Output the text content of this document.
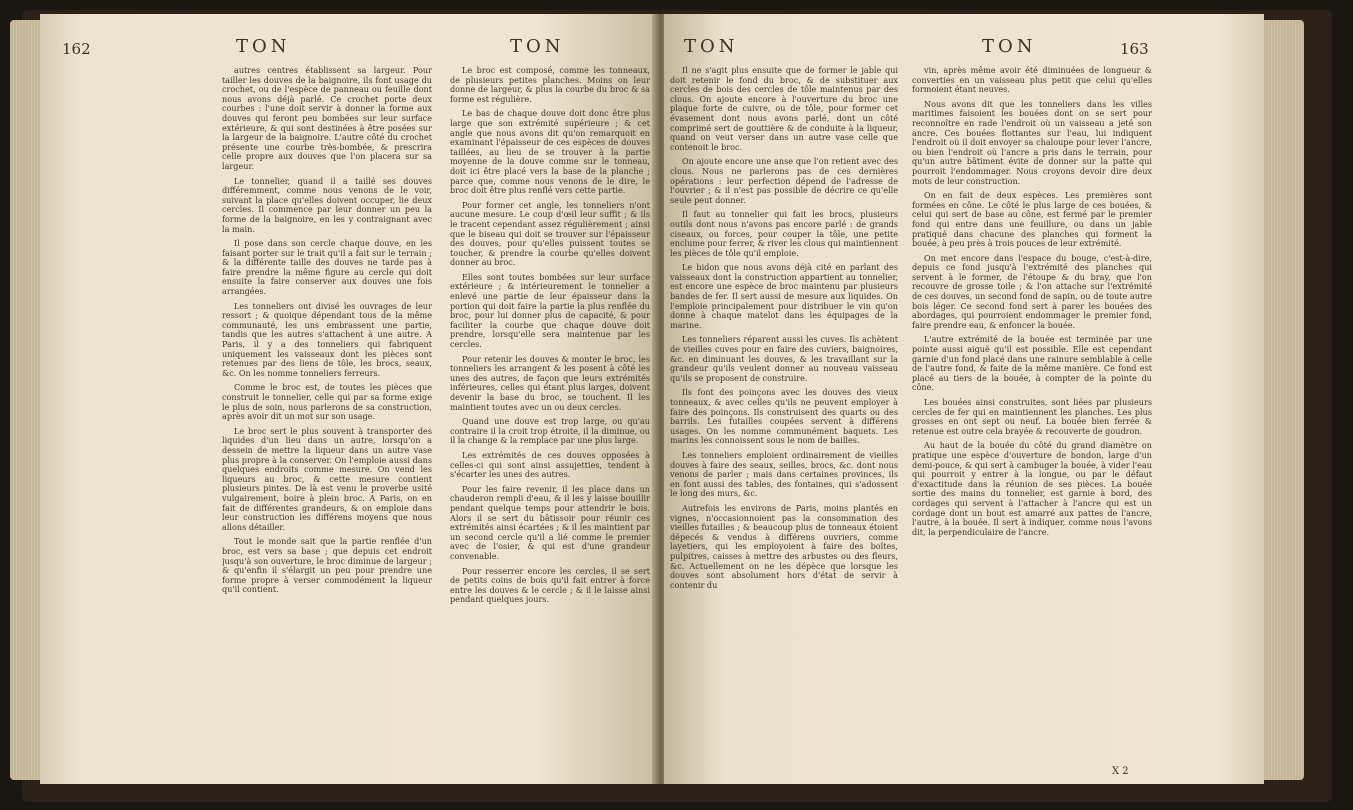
162	TON	TON

autres centres établissent sa largeur. Pour tailler les douves de la baignoire, ils font usage du crochet, ou de l'espèce de panneau ou feuille dont nous avons déjà parlé. Ce crochet porte deux courbes : l'une doit servir à donner la forme aux douves qui feront peu bombées sur leur surface extérieure, & qui sont destinées à être posées sur la largeur de la baignoire. L'autre côté du crochet présente une courbe très-bombée, & prescrira celle propre aux douves que l'on placera sur sa largeur.

Le tonnelier, quand il a taillé ses douves différemment, comme nous venons de le voir, suivant la place qu'elles doivent occuper, lie deux cercles. Il commence par leur donner un peu la forme de la baignoire, en les y contraignant avec la main.

Il pose dans son cercle chaque douve, en les faisant porter sur le trait qu'il a fait sur le terrain ; & la différente taille des douves ne tarde pas à faire prendre la même figure au cercle qui doit ensuite la faire conserver aux douves une fois arrangées.

Les tonneliers ont divisé les ouvrages de leur ressort ; & quoique dépendant tous de la même communauté, les uns embrassent une partie, tandis que les autres s'attachent à une autre. A Paris, il y a des tonneliers qui fabriquent uniquement les vaisseaux dont les pièces sont retenues par des liens de tôle, les brocs, seaux, &c. On les nomme tonneliers ferreurs.

Comme le broc est, de toutes les pièces que construit le tonnelier, celle qui par sa forme exige le plus de soin, nous parlerons de sa construction, après avoir dit un mot sur son usage.

Le broc sert le plus souvent à transporter des liquides d'un lieu dans un autre, lorsqu'on a dessein de mettre la liqueur dans un autre vase plus propre à la conserver. On l'emploie aussi dans quelques endroits comme mesure. On vend les liqueurs au broc, & cette mesure contient plusieurs pintes. De là est venu le proverbe usité vulgairement, boire à plein broc. A Paris, on en fait de différentes grandeurs, & on emploie dans leur construction les différens moyens que nous allons détailler.

Tout le monde sait que la partie renflée d'un broc, est vers sa base ; que depuis cet endroit jusqu'à son ouverture, le broc diminue de largeur ; & qu'enfin il s'élargit un peu pour prendre une forme propre à verser commodément la liqueur qu'il contient.

Le broc est composé, comme les tonneaux, de plusieurs petites planches. Moins on leur donne de largeur, & plus la courbe du broc & sa forme est régulière.

Le bas de chaque douve doit donc être plus large que son extrémité supérieure ; & cet angle que nous avons dit qu'on remarquoit en examinant l'épaisseur de ces espèces de douves taillées, au lieu de se trouver à la partie moyenne de la douve comme sur le tonneau, doit ici être placé vers la base de la planche ; parce que, comme nous venons de le dire, le broc doit être plus renflé vers cette partie.

Pour former cet angle, les tonneliers n'ont aucune mesure. Le coup d'œil leur suffit ; & ils le tracent cependant assez régulièrement ; ainsi que le biseau qui doit se trouver sur l'épaisseur des douves, pour qu'elles puissent toutes se toucher, & prendre la courbe qu'elles doivent donner au broc.

Elles sont toutes bombées sur leur surface extérieure ; & intérieurement le tonnelier a enlevé une partie de leur épaisseur dans la portion qui doit faire la partie la plus renflée du broc, pour lui donner plus de capacité, & pour faciliter la courbe que chaque douve doit prendre, lorsqu'elle sera maintenue par les cercles.

Pour retenir les douves & monter le broc, les tonneliers les arrangent & les posent à côté les unes des autres, de façon que leurs extrémités inférieures, celles qui étant plus larges, doivent devenir la base du broc, se touchent. Il les maintient toutes avec un ou deux cercles.

Quand une douve est trop large, ou qu'au contraire il la croit trop étroite, il la diminue, ou il la change & la remplace par une plus large.

Les extrémités de ces douves opposées à celles-ci qui sont ainsi assujetties, tendent à s'écarter les unes des autres.

Pour les faire revenir, il les place dans un chauderon rempli d'eau, & il les y laisse bouillir pendant quelque temps pour attendrir le bois. Alors il se sert du bâtissoir pour réunir ces extrémités ainsi écartées ; & il les maintient par un second cercle qu'il a lié comme le premier avec de l'osier, & qui est d'une grandeur convenable.

Pour resserrer encore les cercles, il se sert de petits coins de bois qu'il fait entrer à force entre les douves & le cercle ; & il le laisse ainsi pendant quelques jours.

TON	TON	163

Il ne s'agit plus ensuite que de former le jable qui doit retenir le fond du broc, & de substituer aux cercles de bois des cercles de tôle maintenus par des clous. On ajoute encore à l'ouverture du broc une plaque forte de cuivre, ou de tôle, pour former cet évasement dont nous avons parlé, dont un côté comprimé sert de gouttière & de conduite à la liqueur, quand on veut verser dans un autre vase celle que contenoit le broc.

On ajoute encore une anse que l'on retient avec des clous. Nous ne parlerons pas de ces dernières opérations : leur perfection dépend de l'adresse de l'ouvrier ; & il n'est pas possible de décrire ce qu'elle seule peut donner.

Il faut au tonnelier qui fait les brocs, plusieurs outils dont nous n'avons pas encore parlé : de grands ciseaux, ou forces, pour couper la tôle, une petite enclume pour ferrer, & river les clous qui maintiennent les pièces de tôle qu'il emploie.

Le bidon que nous avons déjà cité en parlant des vaisseaux dont la construction appartient au tonnelier, est encore une espèce de broc maintenu par plusieurs bandes de fer. Il sert aussi de mesure aux liquides. On l'emploie principalement pour distribuer le vin qu'on donne à chaque matelot dans les équipages de la marine.

Les tonneliers réparent aussi les cuves. Ils achètent de vieilles cuves pour en faire des cuviers, baignoires, &c. en diminuant les douves, & les travaillant sur la grandeur qu'ils veulent donner au nouveau vaisseau qu'ils se proposent de construire.

Ils font des poinçons avec les douves des vieux tonneaux, & avec celles qu'ils ne peuvent employer à faire des poinçons. Ils construisent des quarts ou des barrils. Les futailles coupées servent à différens usages. On les nomme communément baquets. Les marins les connoissent sous le nom de bailles.

Les tonneliers emploient ordinairement de vieilles douves à faire des seaux, seilles, brocs, &c. dont nous venons de parler ; mais dans certaines provinces, ils en font aussi des tables, des fontaines, qui s'adossent le long des murs, &c.

Autrefois les environs de Paris, moins plantés en vignes, n'occasionnoient pas la consommation des vieilles futailles ; & beaucoup plus de tonneaux étoient dépecés & vendus à différens ouvriers, comme layetiers, qui les employoient à faire des boîtes, pulpitres, caisses à mettre des arbustes ou des fleurs, &c. Actuellement on ne les dépèce que lorsque les douves sont absolument hors d'état de servir à contenir du

vin, après même avoir été diminuées de longueur & converties en un vaisseau plus petit que celui qu'elles formoient étant neuves.

Nous avons dit que les tonneliers dans les villes maritimes faisoient les bouées dont on se sert pour reconnoître en rade l'endroit où un vaisseau a jeté son ancre. Ces bouées flottantes sur l'eau, lui indiquent l'endroit où il doit envoyer sa chaloupe pour lever l'ancre, ou bien l'endroit où l'ancre a pris dans le terrain, pour qu'un autre bâtiment évite de donner sur la patte qui pourroit l'endommager. Nous croyons devoir dire deux mots de leur construction.

On en fait de deux espèces. Les premières sont formées en cône. Le côté le plus large de ces bouées, & celui qui sert de base au cône, est fermé par le premier fond qui entre dans une feuillure, ou dans un jable pratiqué dans chacune des planches qui forment la bouée, à peu près à trois pouces de leur extrémité.

On met encore dans l'espace du bouge, c'est-à-dire, depuis ce fond jusqu'à l'extrémité des planches qui servent à le former, de l'étoupe & du bray, que l'on recouvre de grosse toile ; & l'on attache sur l'extrémité de ces douves, un second fond de sapin, ou de toute autre bois léger. Ce second fond sert à parer les bouées des abordages, qui pourroient endommager le premier fond, faire prendre eau, & enfoncer la bouée.

L'autre extrémité de la bouée est terminée par une pointe aussi aiguë qu'il est possible. Elle est cependant garnie d'un fond placé dans une rainure semblable à celle de l'autre fond, & faite de la même manière. Ce fond est placé au tiers de la bouée, à compter de la pointe du cône.

Les bouées ainsi construites, sont liées par plusieurs cercles de fer qui en maintiennent les planches. Les plus grosses en ont sept ou neuf. La bouée bien ferrée & retenue est outre cela brayée & recouverte de goudron.

Au haut de la bouée du côté du grand diamètre on pratique une espèce d'ouverture de bondon, large d'un demi-pouce, & qui sert à cambuger la bouée, à vider l'eau qui pourroit y entrer à la longue, ou par le défaut d'exactitude dans la réunion de ses pièces. La bouée sortie des mains du tonnelier, est garnie à bord, des cordages qui servent à l'attacher à l'ancre qui est un cordage dont un bout est amarré aux pattes de l'ancre, l'autre, à la bouée. Il sert à indiquer, comme nous l'avons dit, la perpendiculaire de l'ancre.

X 2
